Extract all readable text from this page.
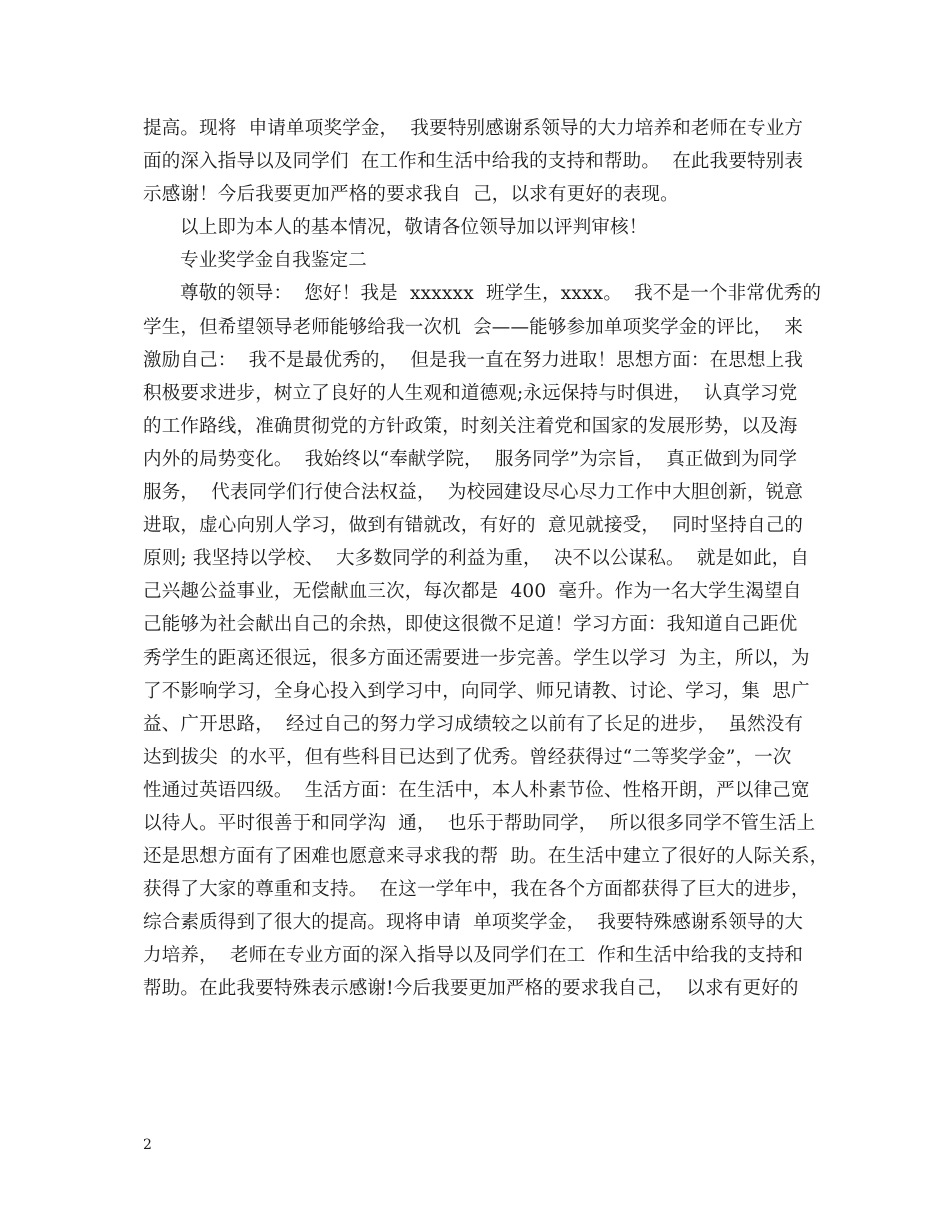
提高。现将  申请单项奖学金，  我要特别感谢系领导的大力培养和老师在专业方
面的深入指导以及同学们  在工作和生活中给我的支持和帮助。  在此我要特别表
示感谢！今后我要更加严格的要求我自  己，以求有更好的表现。
以上即为本人的基本情况，敬请各位领导加以评判审核！
专业奖学金自我鉴定二
尊敬的领导：  您好！我是  xxxxxx  班学生，xxxx。  我不是一个非常优秀的
学生，但希望领导老师能够给我一次机  会——能够参加单项奖学金的评比，  来
激励自己：  我不是最优秀的，  但是我一直在努力进取！思想方面：在思想上我
积极要求进步，树立了良好的人生观和道德观;永远保持与时俱进，  认真学习党
的工作路线，准确贯彻党的方针政策，时刻关注着党和国家的发展形势，以及海
内外的局势变化。  我始终以“奉献学院，  服务同学”为宗旨，  真正做到为同学
服务，  代表同学们行使合法权益，  为校园建设尽心尽力工作中大胆创新，锐意
进取，虚心向别人学习，做到有错就改，有好的  意见就接受，  同时坚持自己的
原则; 我坚持以学校、  大多数同学的利益为重，  决不以公谋私。  就是如此，自
己兴趣公益事业，无偿献血三次，每次都是  400  毫升。作为一名大学生渴望自
己能够为社会献出自己的余热，即使这很微不足道！学习方面：我知道自己距优
秀学生的距离还很远，很多方面还需要进一步完善。学生以学习  为主，所以，为
了不影响学习，全身心投入到学习中，向同学、师兄请教、讨论、学习，集  思广
益、广开思路，  经过自己的努力学习成绩较之以前有了长足的进步，  虽然没有
达到拔尖  的水平，但有些科目已达到了优秀。曾经获得过“二等奖学金”，一次
性通过英语四级。  生活方面：在生活中，本人朴素节俭、性格开朗，严以律己宽
以待人。平时很善于和同学沟  通，  也乐于帮助同学，  所以很多同学不管生活上
还是思想方面有了困难也愿意来寻求我的帮  助。在生活中建立了很好的人际关系，
获得了大家的尊重和支持。  在这一学年中，我在各个方面都获得了巨大的进步，
综合素质得到了很大的提高。现将申请  单项奖学金，  我要特殊感谢系领导的大
力培养，  老师在专业方面的深入指导以及同学们在工  作和生活中给我的支持和
帮助。在此我要特殊表示感谢!今后我要更加严格的要求我自己，  以求有更好的
2
